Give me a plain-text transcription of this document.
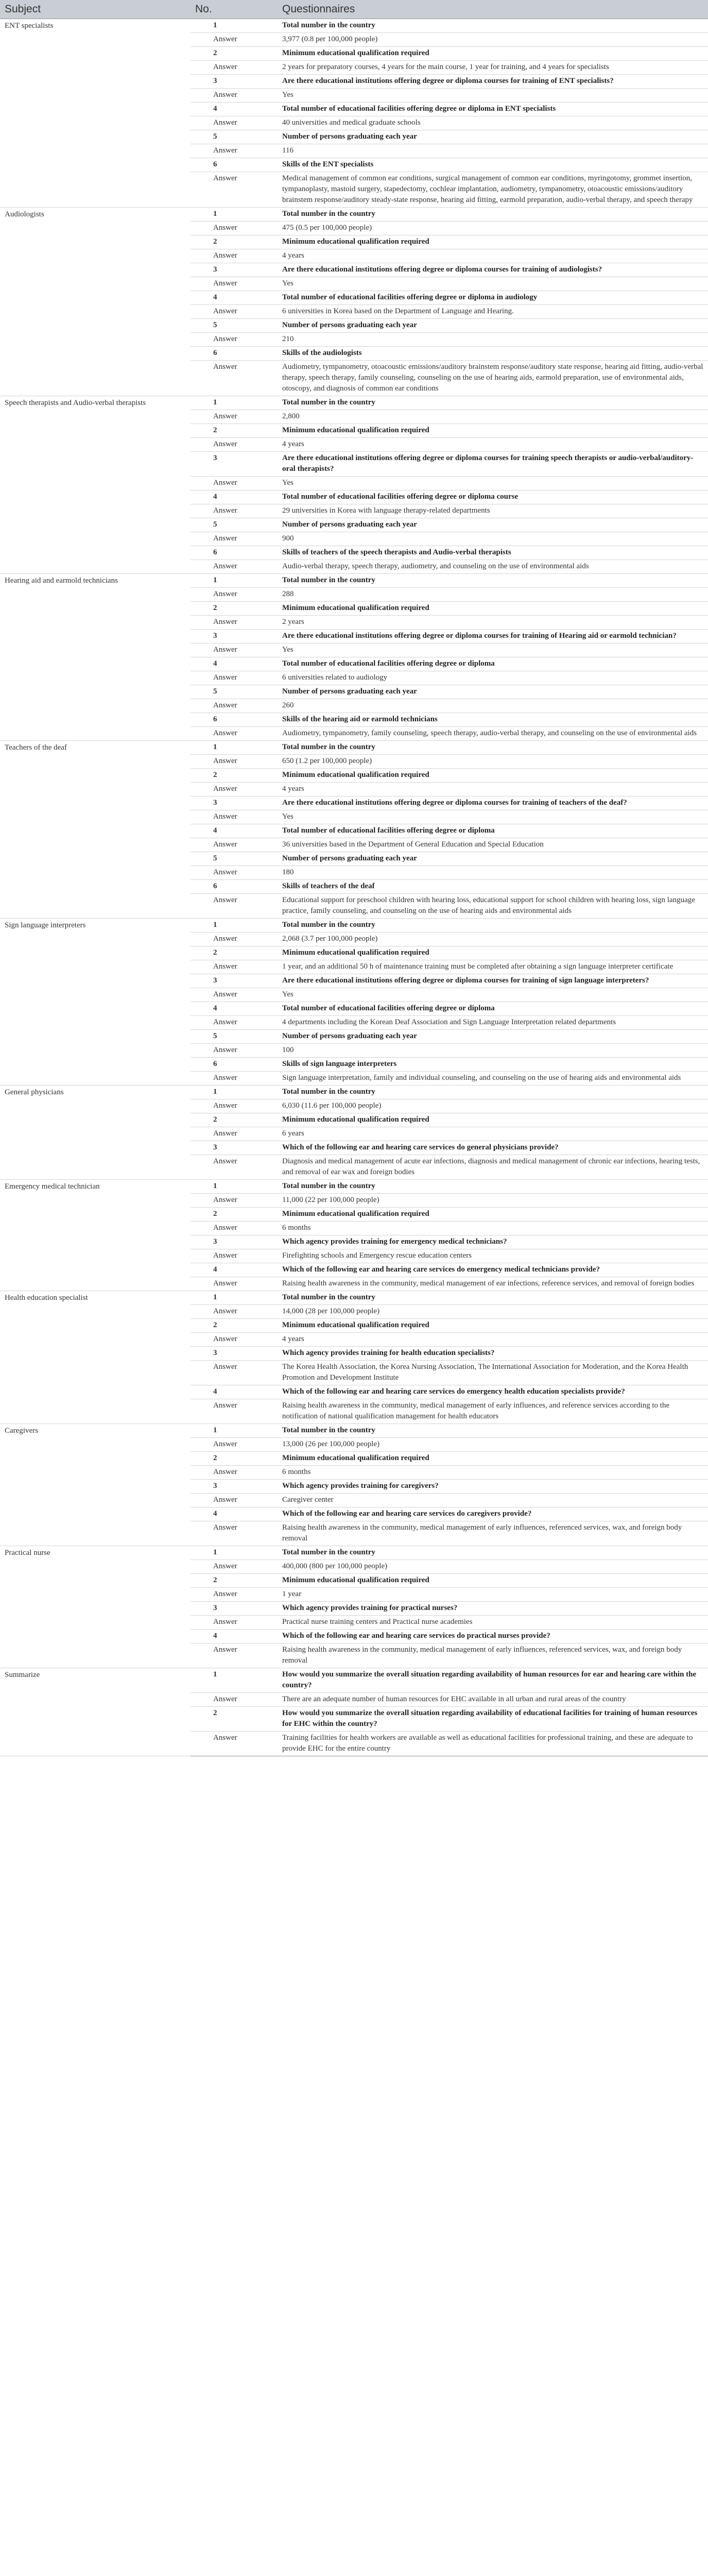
Subject	No.		Questionnaires
ENT specialists		1	Total number in the country
		Answer	3,977 (0.8 per 100,000 people)
		2	Minimum educational qualification required
		Answer	2 years for preparatory courses, 4 years for the main course, 1 year for training, and 4 years for specialists
		3	Are there educational institutions offering degree or diploma courses for training of ENT specialists?
		Answer	Yes
		4	Total number of educational facilities offering degree or diploma in ENT specialists
		Answer	40 universities and medical graduate schools
		5	Number of persons graduating each year
		Answer	116
		6	Skills of the ENT specialists
		Answer	Medical management of common ear conditions, surgical management of common ear conditions, myringotomy, grommet insertion, tympanoplasty, mastoid surgery, stapedectomy, cochlear implantation, audiometry, tympanometry, otoacoustic emissions/auditory brainstem response/auditory steady-state response, hearing aid fitting, earmold preparation, audio-verbal therapy, and speech therapy
Audiologists		1	Total number in the country
		Answer	475 (0.5 per 100,000 people)
		2	Minimum educational qualification required
		Answer	4 years
		3	Are there educational institutions offering degree or diploma courses for training of audiologists?
		Answer	Yes
		4	Total number of educational facilities offering degree or diploma in audiology
		Answer	6 universities in Korea based on the Department of Language and Hearing.
		5	Number of persons graduating each year
		Answer	210
		6	Skills of the audiologists
		Answer	Audiometry, tympanometry, otoacoustic emissions/auditory brainstem response/auditory state response, hearing aid fitting, audio-verbal therapy, speech therapy, family counseling, counseling on the use of hearing aids, earmold preparation, use of environmental aids, otoscopy, and diagnosis of common ear conditions
Speech therapists and Audio-verbal therapists		1	Total number in the country
		Answer	2,800
		2	Minimum educational qualification required
		Answer	4 years
		3	Are there educational institutions offering degree or diploma courses for training speech therapists or audio-verbal/auditory-oral therapists?
		Answer	Yes
		4	Total number of educational facilities offering degree or diploma course
		Answer	29 universities in Korea with language therapy-related departments
		5	Number of persons graduating each year
		Answer	900
		6	Skills of teachers of the speech therapists and Audio-verbal therapists
		Answer	Audio-verbal therapy, speech therapy, audiometry, and counseling on the use of environmental aids
Hearing aid and earmold technicians		1	Total number in the country
		Answer	288
		2	Minimum educational qualification required
		Answer	2 years
		3	Are there educational institutions offering degree or diploma courses for training of Hearing aid or earmold technician?
		Answer	Yes
		4	Total number of educational facilities offering degree or diploma
		Answer	6 universities related to audiology
		5	Number of persons graduating each year
		Answer	260
		6	Skills of the hearing aid or earmold technicians
		Answer	Audiometry, tympanometry, family counseling, speech therapy, audio-verbal therapy, and counseling on the use of environmental aids
Teachers of the deaf		1	Total number in the country
		Answer	650 (1.2 per 100,000 people)
		2	Minimum educational qualification required
		Answer	4 years
		3	Are there educational institutions offering degree or diploma courses for training of teachers of the deaf?
		Answer	Yes
		4	Total number of educational facilities offering degree or diploma
		Answer	36 universities based in the Department of General Education and Special Education
		5	Number of persons graduating each year
		Answer	180
		6	Skills of teachers of the deaf
		Answer	Educational support for preschool children with hearing loss, educational support for school children with hearing loss, sign language practice, family counseling, and counseling on the use of hearing aids and environmental aids
Sign language interpreters		1	Total number in the country
		Answer	2,068 (3.7 per 100,000 people)
		2	Minimum educational qualification required
		Answer	1 year, and an additional 50 h of maintenance training must be completed after obtaining a sign language interpreter certificate
		3	Are there educational institutions offering degree or diploma courses for training of sign language interpreters?
		Answer	Yes
		4	Total number of educational facilities offering degree or diploma
		Answer	4 departments including the Korean Deaf Association and Sign Language Interpretation related departments
		5	Number of persons graduating each year
		Answer	100
		6	Skills of sign language interpreters
		Answer	Sign language interpretation, family and individual counseling, and counseling on the use of hearing aids and environmental aids
General physicians		1	Total number in the country
		Answer	6,030 (11.6 per 100,000 people)
		2	Minimum educational qualification required
		Answer	6 years
		3	Which of the following ear and hearing care services do general physicians provide?
		Answer	Diagnosis and medical management of acute ear infections, diagnosis and medical management of chronic ear infections, hearing tests, and removal of ear wax and foreign bodies
Emergency medical technician		1	Total number in the country
		Answer	11,000 (22 per 100,000 people)
		2	Minimum educational qualification required
		Answer	6 months
		3	Which agency provides training for emergency medical technicians?
		Answer	Firefighting schools and Emergency rescue education centers
		4	Which of the following ear and hearing care services do emergency medical technicians provide?
		Answer	Raising health awareness in the community, medical management of ear infections, reference services, and removal of foreign bodies
Health education specialist		1	Total number in the country
		Answer	14,000 (28 per 100,000 people)
		2	Minimum educational qualification required
		Answer	4 years
		3	Which agency provides training for health education specialists?
		Answer	The Korea Health Association, the Korea Nursing Association, The International Association for Moderation, and the Korea Health Promotion and Development Institute
		4	Which of the following ear and hearing care services do emergency health education specialists provide?
		Answer	Raising health awareness in the community, medical management of early influences, and reference services according to the notification of national qualification management for health educators
Caregivers		1	Total number in the country
		Answer	13,000 (26 per 100,000 people)
		2	Minimum educational qualification required
		Answer	6 months
		3	Which agency provides training for caregivers?
		Answer	Caregiver center
		4	Which of the following ear and hearing care services do caregivers provide?
		Answer	Raising health awareness in the community, medical management of early influences, referenced services, wax, and foreign body removal
Practical nurse		1	Total number in the country
		Answer	400,000 (800 per 100,000 people)
		2	Minimum educational qualification required
		Answer	1 year
		3	Which agency provides training for practical nurses?
		Answer	Practical nurse training centers and Practical nurse academies
		4	Which of the following ear and hearing care services do practical nurses provide?
		Answer	Raising health awareness in the community, medical management of early influences, referenced services, wax, and foreign body removal
Summarize		1	How would you summarize the overall situation regarding availability of human resources for ear and hearing care within the country?
		Answer	There are an adequate number of human resources for EHC available in all urban and rural areas of the country
		2	How would you summarize the overall situation regarding availability of educational facilities for training of human resources for EHC within the country?
		Answer	Training facilities for health workers are available as well as educational facilities for professional training, and these are adequate to provide EHC for the entire country
